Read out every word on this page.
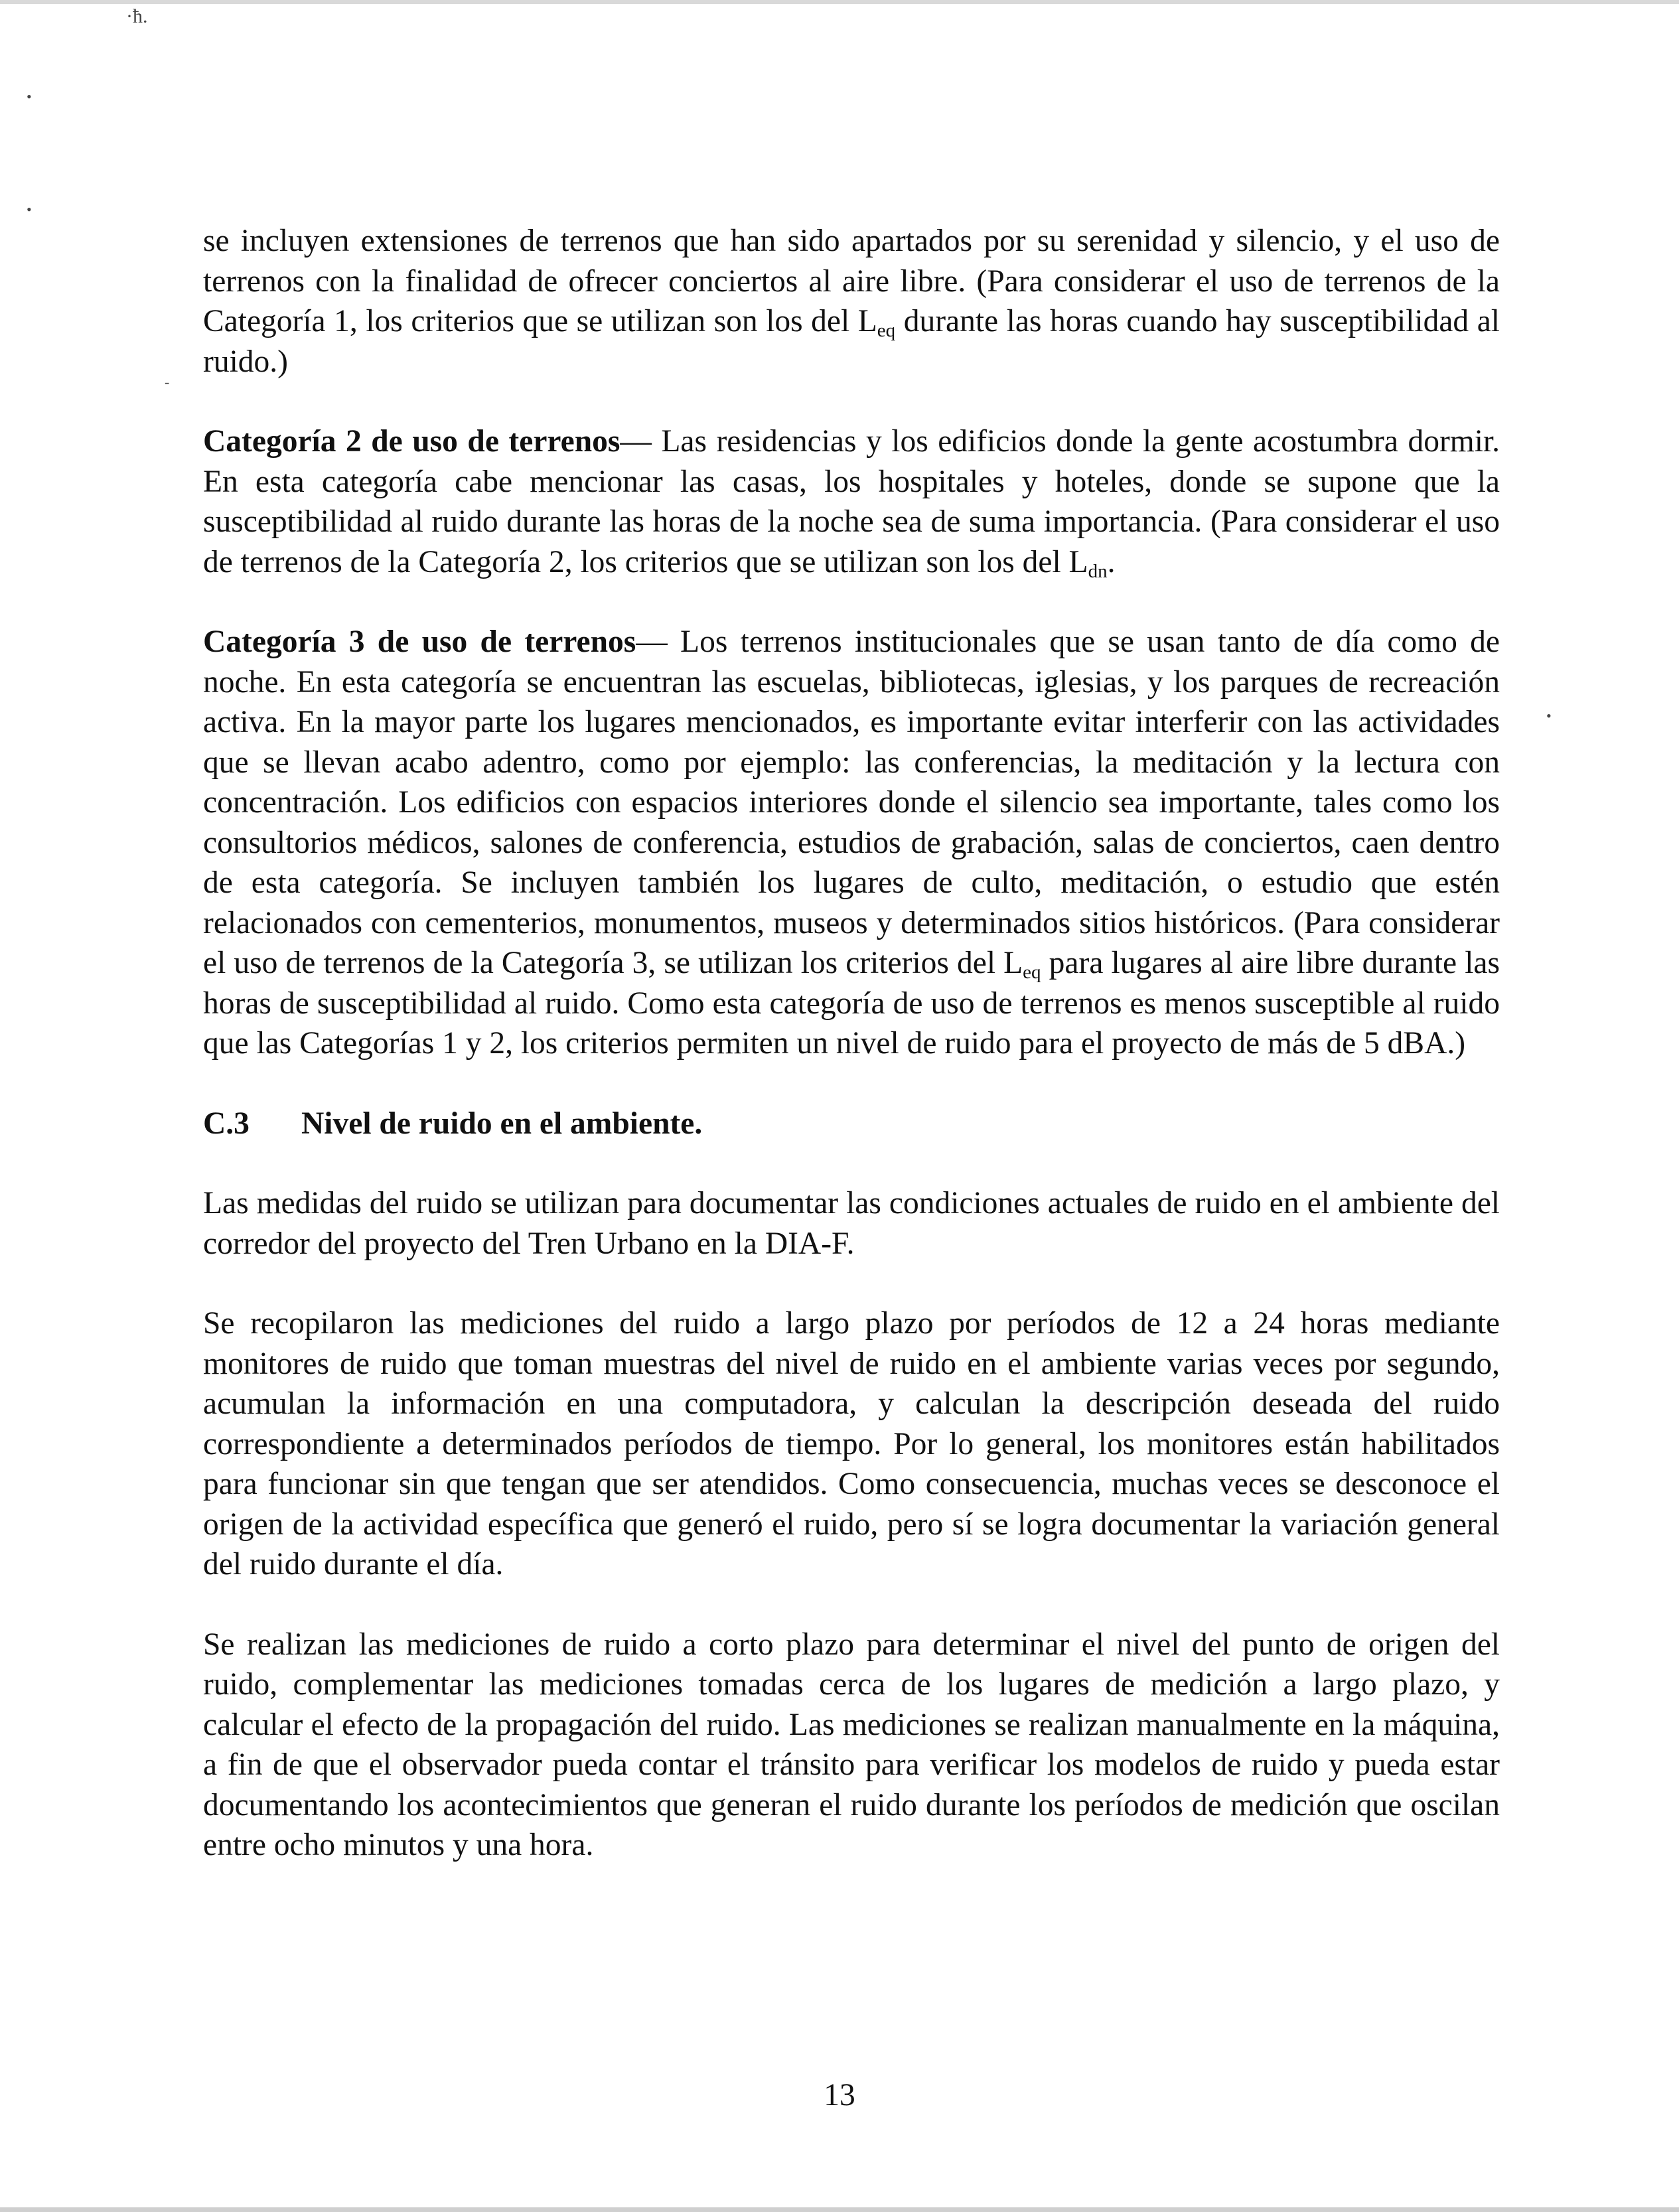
·ħ.
•
•
-
•

se incluyen extensiones de terrenos que han sido apartados por su serenidad y silencio, y el uso de terrenos con la finalidad de ofrecer conciertos al aire libre. (Para considerar el uso de terrenos de la Categoría 1, los criterios que se utilizan son los del $L_{eq}$ durante las horas cuando hay susceptibilidad al ruido.)

Categoría 2 de uso de terrenos— Las residencias y los edificios donde la gente acostumbra dormir. En esta categoría cabe mencionar las casas, los hospitales y hoteles, donde se supone que la susceptibilidad al ruido durante las horas de la noche sea de suma importancia. (Para considerar el uso de terrenos de la Categoría 2, los criterios que se utilizan son los del $L_{dn}$.

Categoría 3 de uso de terrenos— Los terrenos institucionales que se usan tanto de día como de noche. En esta categoría se encuentran las escuelas, bibliotecas, iglesias, y los parques de recreación activa. En la mayor parte los lugares mencionados, es importante evitar interferir con las actividades que se llevan acabo adentro, como por ejemplo: las conferencias, la meditación y la lectura con concentración. Los edificios con espacios interiores donde el silencio sea importante, tales como los consultorios médicos, salones de conferencia, estudios de grabación, salas de conciertos, caen dentro de esta categoría. Se incluyen también los lugares de culto, meditación, o estudio que estén relacionados con cementerios, monumentos, museos y determinados sitios históricos. (Para considerar el uso de terrenos de la Categoría 3, se utilizan los criterios del $L_{eq}$ para lugares al aire libre durante las horas de susceptibilidad al ruido. Como esta categoría de uso de terrenos es menos susceptible al ruido que las Categorías 1 y 2, los criterios permiten un nivel de ruido para el proyecto de más de 5 dBA.)

C.3	Nivel de ruido en el ambiente.

Las medidas del ruido se utilizan para documentar las condiciones actuales de ruido en el ambiente del corredor del proyecto del Tren Urbano en la DIA-F.

Se recopilaron las mediciones del ruido a largo plazo por períodos de 12 a 24 horas mediante monitores de ruido que toman muestras del nivel de ruido en el ambiente varias veces por segundo, acumulan la información en una computadora, y calculan la descripción deseada del ruido correspondiente a determinados períodos de tiempo. Por lo general, los monitores están habilitados para funcionar sin que tengan que ser atendidos. Como consecuencia, muchas veces se desconoce el origen de la actividad específica que generó el ruido, pero sí se logra documentar la variación general del ruido durante el día.

Se realizan las mediciones de ruido a corto plazo para determinar el nivel del punto de origen del ruido, complementar las mediciones tomadas cerca de los lugares de medición a largo plazo, y calcular el efecto de la propagación del ruido. Las mediciones se realizan manualmente en la máquina, a fin de que el observador pueda contar el tránsito para verificar los modelos de ruido y pueda estar documentando los acontecimientos que generan el ruido durante los períodos de medición que oscilan entre ocho minutos y una hora.

13
